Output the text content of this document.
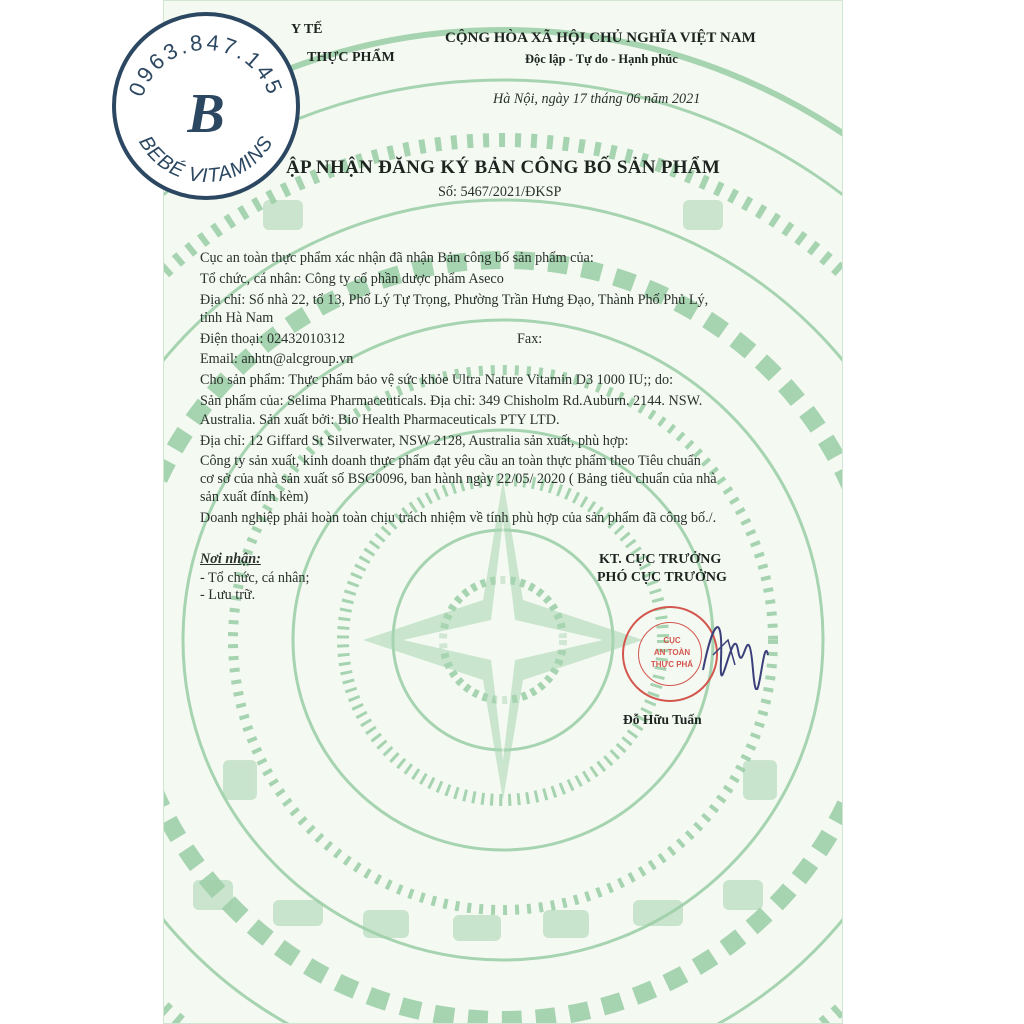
Y TẾ
THỰC PHẨM
CỘNG HÒA XÃ HỘI CHỦ NGHĨA VIỆT NAM
Độc lập - Tự do - Hạnh phúc
Hà Nội, ngày 17 tháng 06 năm 2021
ẬP NHẬN ĐĂNG KÝ BẢN CÔNG BỐ SẢN PHẨM
Số: 5467/2021/ĐKSP
Cục an toàn thực phẩm xác nhận đã nhận Bản công bố sản phẩm của:
Tổ chức, cá nhân: Công ty cổ phần dược phẩm Aseco
Địa chỉ: Số nhà 22, tổ 13, Phố Lý Tự Trọng, Phường Trần Hưng Đạo, Thành Phố Phủ Lý,
tỉnh Hà Nam
Điện thoại: 02432010312	Fax:
Email: anhtn@alcgroup.vn
Cho sản phẩm: Thực phẩm bảo vệ sức khỏe Ultra Nature Vitamin D3 1000 IU;; do:
Sản phẩm của: Selima Pharmaceuticals. Địa chỉ: 349 Chisholm Rd.Auburn. 2144. NSW.
Australia. Sản xuất bởi: Bio Health Pharmaceuticals PTY LTD.
Địa chỉ: 12 Giffard St Silverwater, NSW 2128, Australia sản xuất, phù hợp:
Công ty sản xuất, kinh doanh thực phẩm đạt yêu cầu an toàn thực phẩm theo Tiêu chuẩn
cơ sở của nhà sản xuất số BSG0096, ban hành ngày 22/05/ 2020 ( Bảng tiêu chuẩn của nhà
sản xuất đính kèm)
Doanh nghiệp phải hoàn toàn chịu trách nhiệm về tính phù hợp của sản phẩm đã công bố./.
Nơi nhận:
- Tổ chức, cá nhân;
- Lưu trữ.
KT. CỤC TRƯỞNG
PHÓ CỤC TRƯỞNG
CỤC
AN TOÀN
THỰC PHẨ
Đỗ Hữu Tuấn
0963.847.145
BEBÉ VITAMINS
B
